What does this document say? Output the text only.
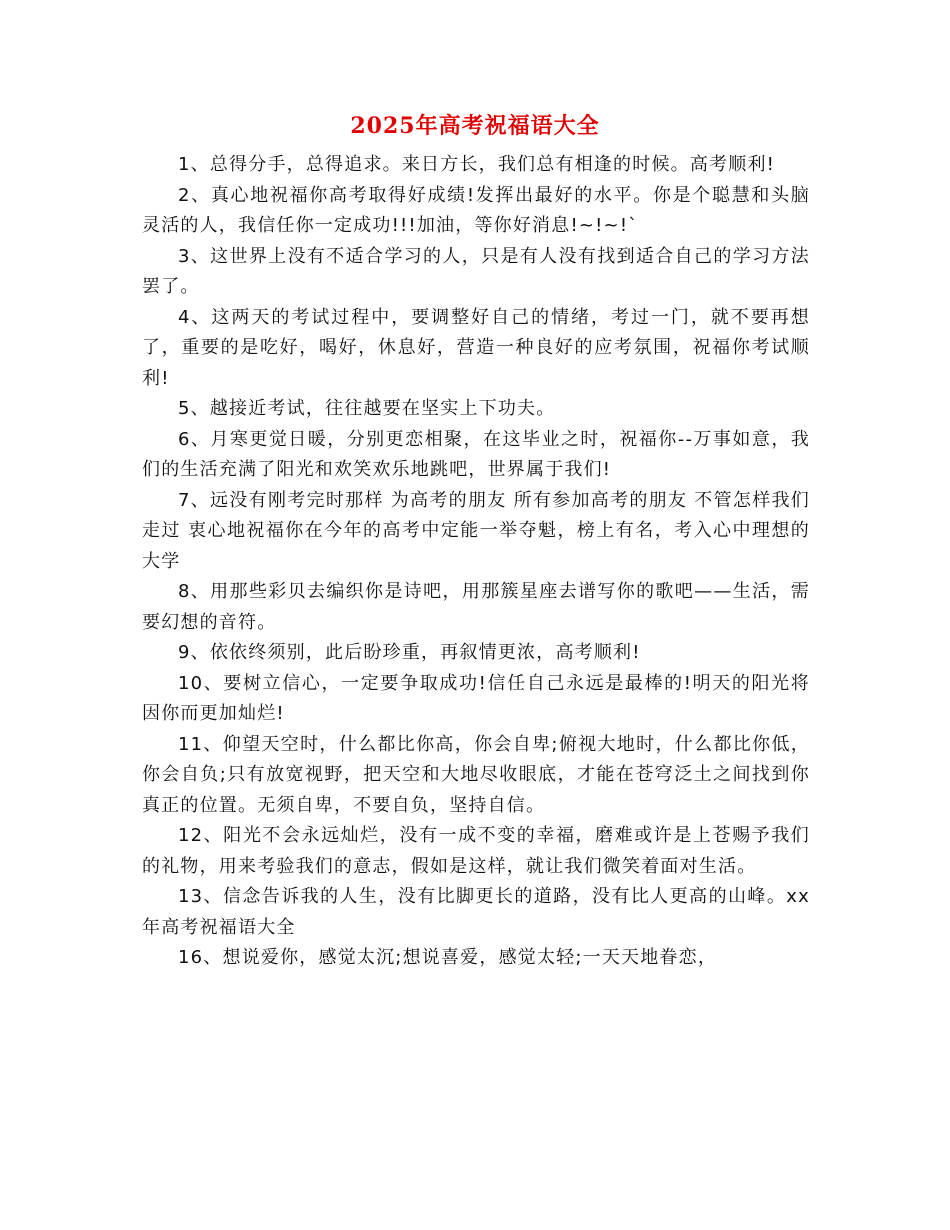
2025年高考祝福语大全

1、总得分手，总得追求。来日方长，我们总有相逢的时候。高考顺利!

2、真心地祝福你高考取得好成绩!发挥出最好的水平。你是个聪慧和头脑灵活的人，我信任你一定成功!!!加油，等你好消息!~!~!`

3、这世界上没有不适合学习的人，只是有人没有找到适合自己的学习方法罢了。

4、这两天的考试过程中，要调整好自己的情绪，考过一门，就不要再想了，重要的是吃好，喝好，休息好，营造一种良好的应考氛围，祝福你考试顺利!

5、越接近考试，往往越要在坚实上下功夫。

6、月寒更觉日暖，分别更恋相聚，在这毕业之时，祝福你--万事如意，我们的生活充满了阳光和欢笑欢乐地跳吧，世界属于我们!

7、远没有刚考完时那样 为高考的朋友 所有参加高考的朋友 不管怎样我们走过 衷心地祝福你在今年的高考中定能一举夺魁，榜上有名，考入心中理想的大学

8、用那些彩贝去编织你是诗吧，用那簇星座去谱写你的歌吧——生活，需要幻想的音符。

9、依依终须别，此后盼珍重，再叙情更浓，高考顺利!

10、要树立信心，一定要争取成功!信任自己永远是最棒的!明天的阳光将因你而更加灿烂!

11、仰望天空时，什么都比你高，你会自卑;俯视大地时，什么都比你低，你会自负;只有放宽视野，把天空和大地尽收眼底，才能在苍穹泛土之间找到你真正的位置。无须自卑，不要自负，坚持自信。

12、阳光不会永远灿烂，没有一成不变的幸福，磨难或许是上苍赐予我们的礼物，用来考验我们的意志，假如是这样，就让我们微笑着面对生活。

13、信念告诉我的人生，没有比脚更长的道路，没有比人更高的山峰。xx年高考祝福语大全

16、想说爱你，感觉太沉;想说喜爱，感觉太轻;一天天地眷恋，
